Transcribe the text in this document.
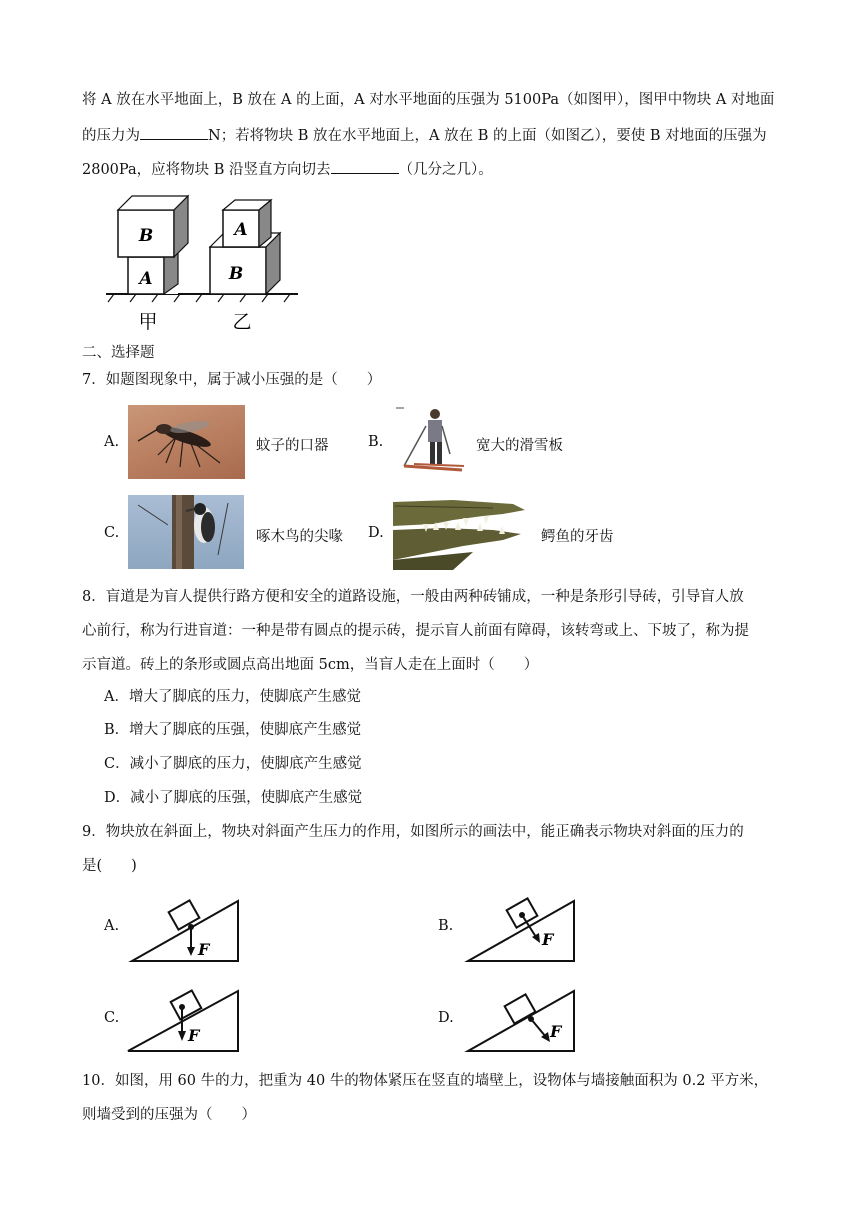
将 A 放在水平地面上，B 放在 A 的上面，A 对水平地面的压强为 5100Pa（如图甲），图甲中物块 A 对地面
的压力为	N；若将物块 B 放在水平地面上，A 放在 B 的上面（如图乙），要使 B 对地面的压强为
2800Pa，应将物块 B 沿竖直方向切去	（几分之几）。
B
A
A
B
甲	乙
二、选择题
7．如题图现象中，属于减小压强的是（　　）
A.	蚊子的口器	B.	宽大的滑雪板
C.	啄木鸟的尖喙 D.	鳄鱼的牙齿
8．盲道是为盲人提供行路方便和安全的道路设施，一般由两种砖铺成，一种是条形引导砖，引导盲人放
心前行，称为行进盲道：一种是带有圆点的提示砖，提示盲人前面有障碍，该转弯或上、下坡了，称为提
示盲道。砖上的条形或圆点高出地面 5cm，当盲人走在上面时（　　）
A．增大了脚底的压力，使脚底产生感觉
B．增大了脚底的压强，使脚底产生感觉
C．减小了脚底的压力，使脚底产生感觉
D．减小了脚底的压强，使脚底产生感觉
9．物块放在斜面上，物块对斜面产生压力的作用，如图所示的画法中，能正确表示物块对斜面的压力的
是(　　)
A.
F
B.
F
C.
F
D.
F
10．如图，用 60 牛的力，把重为 40 牛的物体紧压在竖直的墙壁上，设物体与墙接触面积为 0.2 平方米，
则墙受到的压强为（　　）
